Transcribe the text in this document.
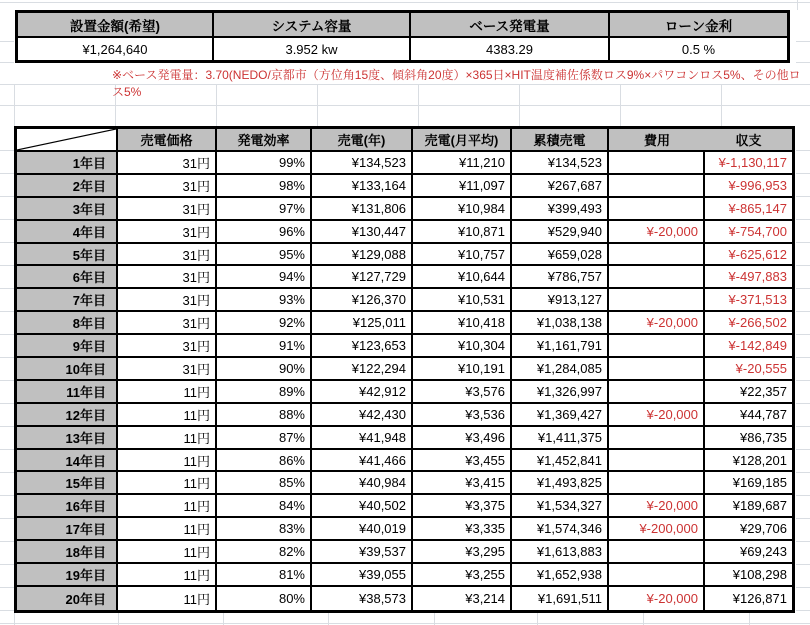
設置金額(希望)	システム容量	ベース発電量	ローン金利
¥1,264,640	3.952 kw	4383.29	0.5 %
※ベース発電量：3.70(NEDO/京都市（方位角15度、傾斜角20度）×365日×HIT温度補佐係数ロス9%×パワコンロス5%、その他ロス5%
	売電価格	発電効率	売電(年)	売電(月平均)	累積売電	費用	収支
1年目	31円	99%	¥134,523	¥11,210	¥134,523		¥-1,130,117
2年目	31円	98%	¥133,164	¥11,097	¥267,687		¥-996,953
3年目	31円	97%	¥131,806	¥10,984	¥399,493		¥-865,147
4年目	31円	96%	¥130,447	¥10,871	¥529,940	¥-20,000	¥-754,700
5年目	31円	95%	¥129,088	¥10,757	¥659,028		¥-625,612
6年目	31円	94%	¥127,729	¥10,644	¥786,757		¥-497,883
7年目	31円	93%	¥126,370	¥10,531	¥913,127		¥-371,513
8年目	31円	92%	¥125,011	¥10,418	¥1,038,138	¥-20,000	¥-266,502
9年目	31円	91%	¥123,653	¥10,304	¥1,161,791		¥-142,849
10年目	31円	90%	¥122,294	¥10,191	¥1,284,085		¥-20,555
11年目	11円	89%	¥42,912	¥3,576	¥1,326,997		¥22,357
12年目	11円	88%	¥42,430	¥3,536	¥1,369,427	¥-20,000	¥44,787
13年目	11円	87%	¥41,948	¥3,496	¥1,411,375		¥86,735
14年目	11円	86%	¥41,466	¥3,455	¥1,452,841		¥128,201
15年目	11円	85%	¥40,984	¥3,415	¥1,493,825		¥169,185
16年目	11円	84%	¥40,502	¥3,375	¥1,534,327	¥-20,000	¥189,687
17年目	11円	83%	¥40,019	¥3,335	¥1,574,346	¥-200,000	¥29,706
18年目	11円	82%	¥39,537	¥3,295	¥1,613,883		¥69,243
19年目	11円	81%	¥39,055	¥3,255	¥1,652,938		¥108,298
20年目	11円	80%	¥38,573	¥3,214	¥1,691,511	¥-20,000	¥126,871
